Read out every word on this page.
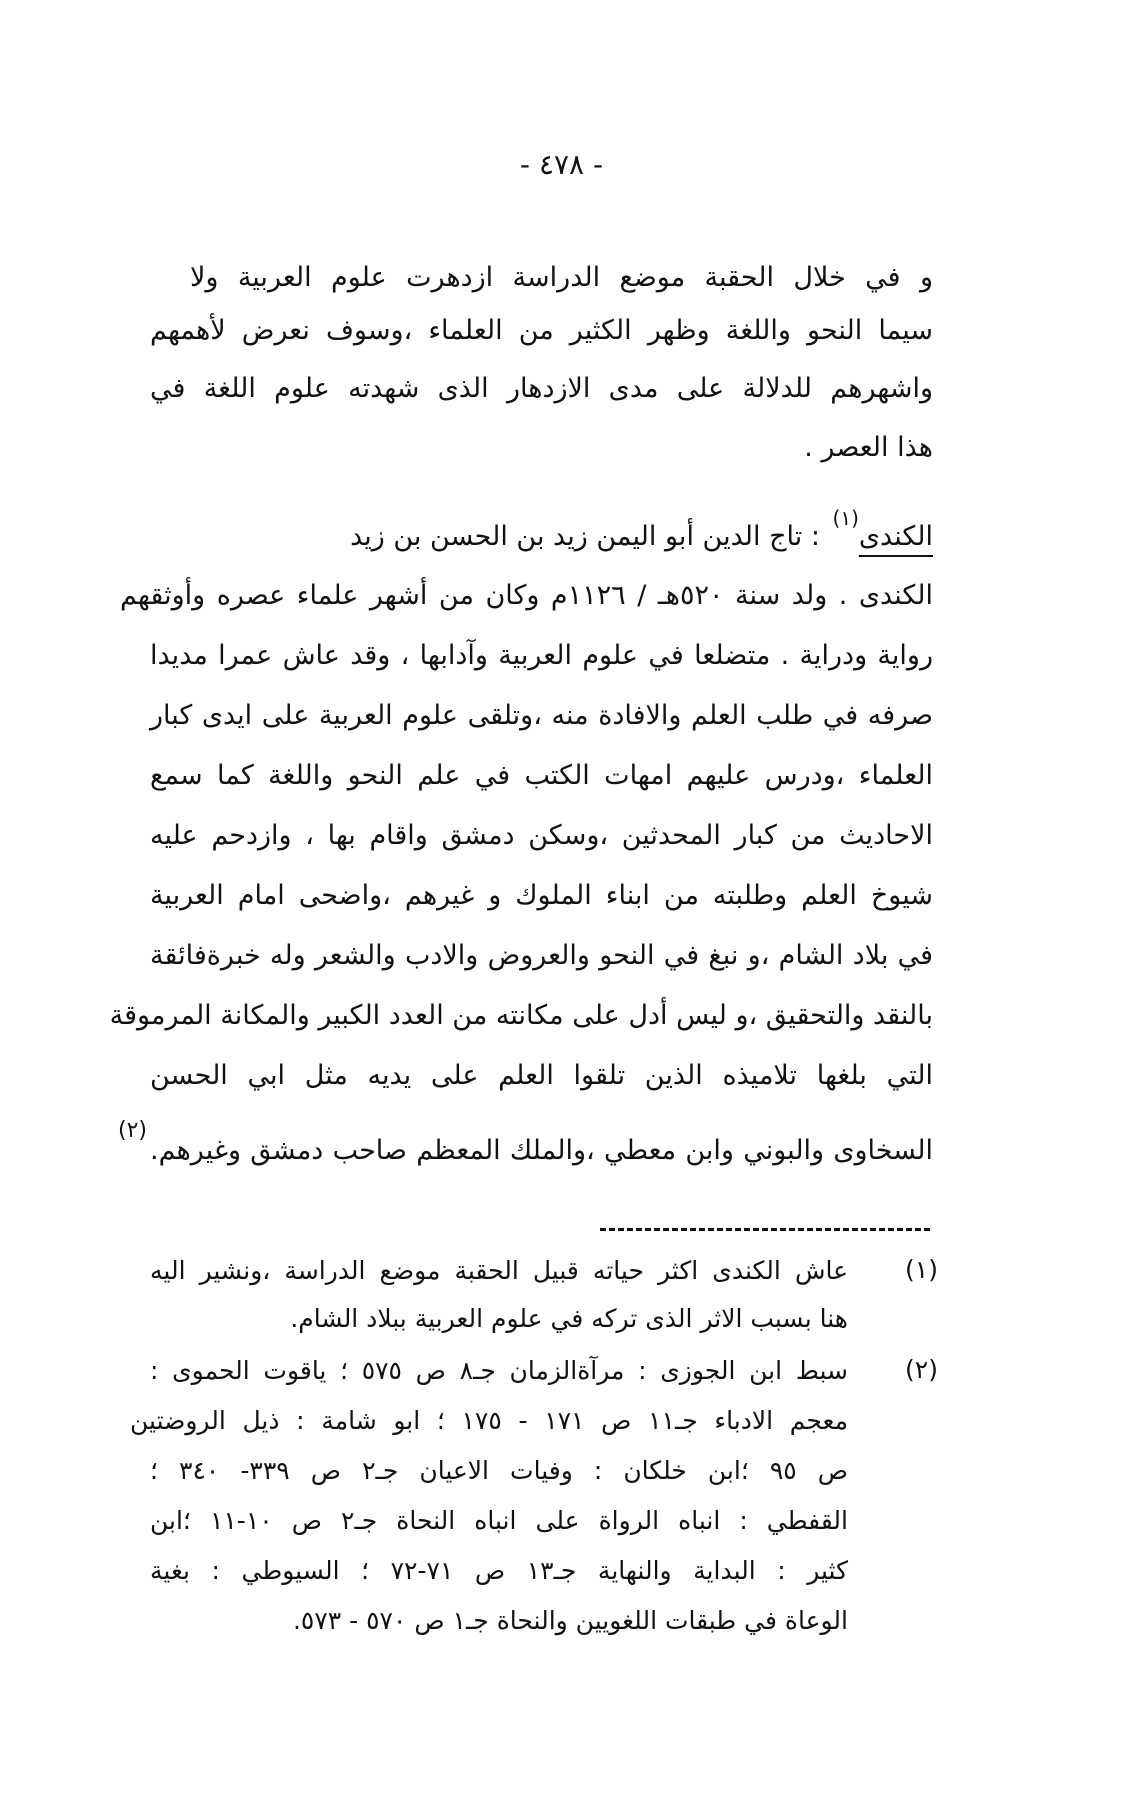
- ٤٧٨ -
و في خلال الحقبة موضع الدراسة ازدهرت علوم العربية ولا
سيما النحو واللغة وظهر الكثير من العلماء ،وسوف نعرض لأهمهم
واشهرهم للدلالة على مدى الازدهار الذى شهدته علوم اللغة في
هذا العصر .
الكندى$^{(١)}$ : تاج الدين أبو اليمن زيد بن الحسن بن زيد
الكندى . ولد سنة ٥٢٠هـ / ١١٢٦م وكان من أشهر علماء عصره وأوثقهم
رواية ودراية . متضلعا في علوم العربية وآدابها ، وقد عاش عمرا مديدا
صرفه في طلب العلم والافادة منه ،وتلقى علوم العربية على ايدى كبار
العلماء ،ودرس عليهم امهات الكتب في علم النحو واللغة كما سمع
الاحاديث من كبار المحدثين ،وسكن دمشق واقام بها ، وازدحم عليه
شيوخ العلم وطلبته من ابناء الملوك و غيرهم ،واضحى امام العربية
في بلاد الشام ،و نبغ في النحو والعروض والادب والشعر وله خبرةفائقة
بالنقد والتحقيق ،و ليس أدل على مكانته من العدد الكبير والمكانة المرموقة
التي بلغها تلاميذه الذين تلقوا العلم على يديه مثل ابي الحسن
(٢)
السخاوى والبوني وابن معطي ،والملك المعظم صاحب دمشق وغيرهم.
(١)
عاش الكندى اكثر حياته قبيل الحقبة موضع الدراسة ،ونشير اليه
هنا بسبب الاثر الذى تركه في علوم العربية ببلاد الشام.
(٢)
سبط ابن الجوزى : مرآةالزمان جـ٨ ص ٥٧٥ ؛ ياقوت الحموى :
معجم الادباء جـ١١ ص ١٧١ - ١٧٥ ؛ ابو شامة : ذيل الروضتين
ص ٩٥ ؛ابن خلكان : وفيات الاعيان جـ٢ ص ٣٣٩- ٣٤٠ ؛
القفطي : انباه الرواة على انباه النحاة جـ٢ ص ١٠-١١ ؛ابن
كثير : البداية والنهاية جـ١٣ ص ٧١-٧٢ ؛ السيوطي : بغية
الوعاة في طبقات اللغويين والنحاة جـ١ ص ٥٧٠ - ٥٧٣.
